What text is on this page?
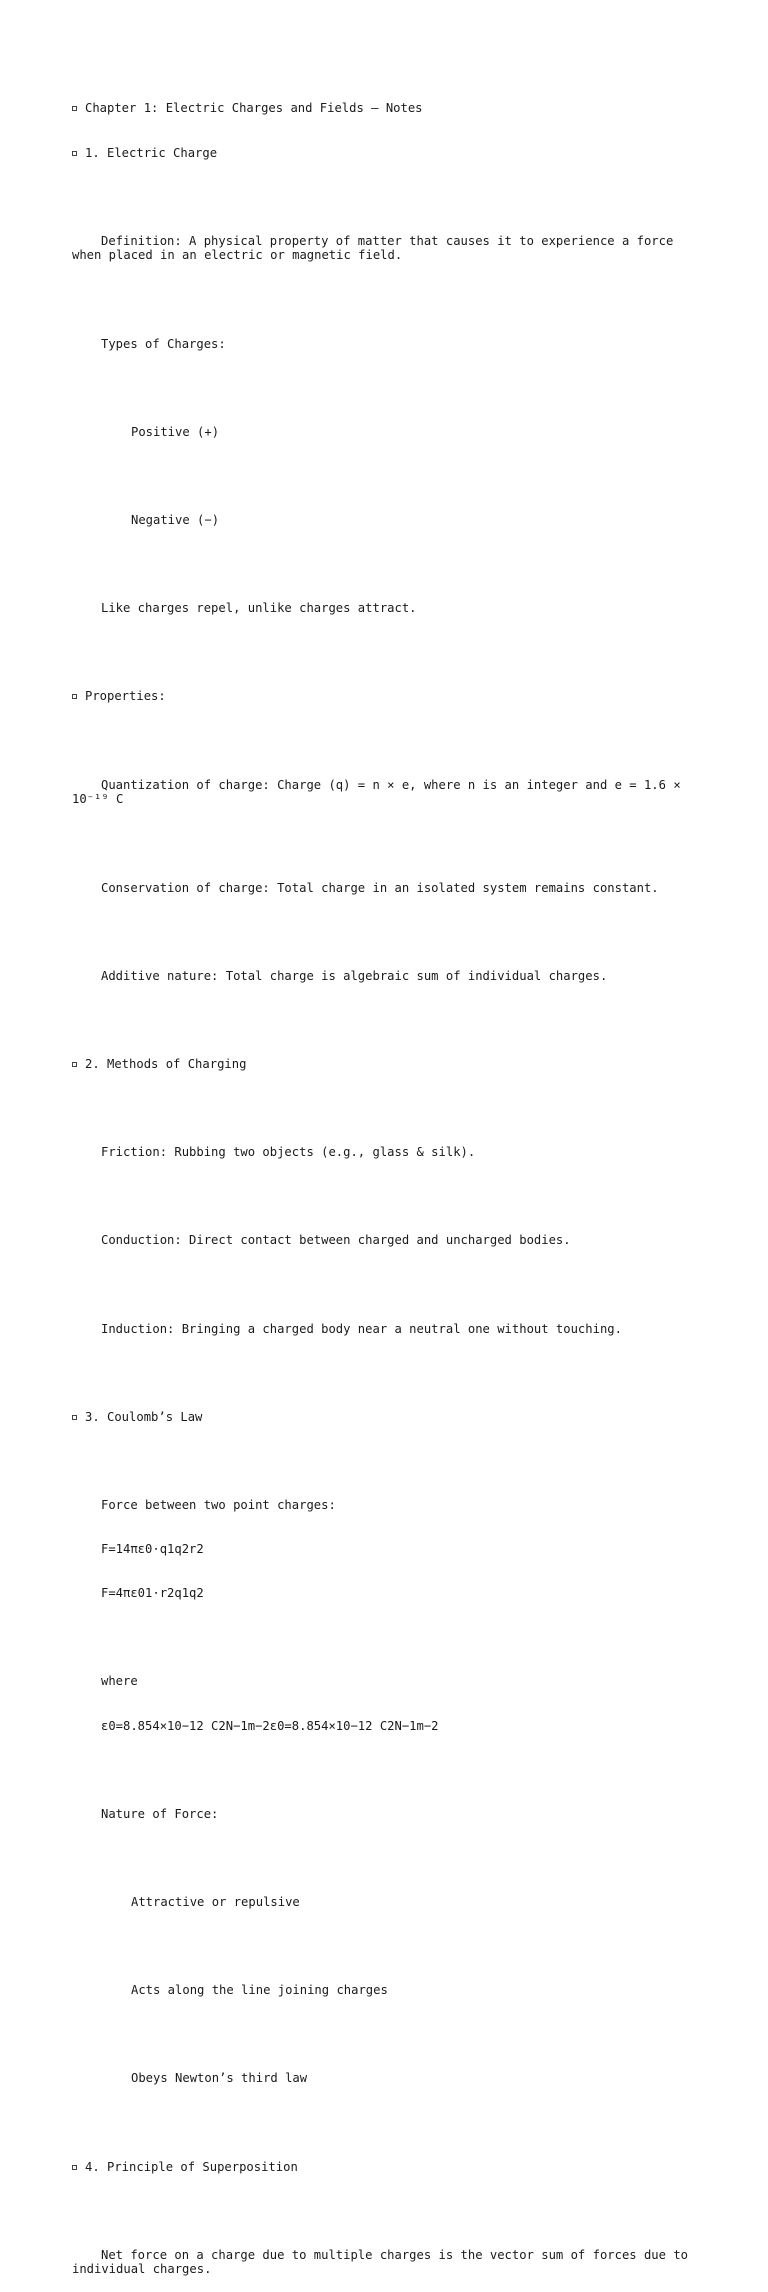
Chapter 1: Electric Charges and Fields – Notes

1. Electric Charge

Definition: A physical property of matter that causes it to experience a force when placed in an electric or magnetic field.

Types of Charges:

Positive (+)

Negative (−)

Like charges repel, unlike charges attract.

Properties:

Quantization of charge: Charge (q) = n × e, where n is an integer and e = 1.6 × 10⁻¹⁹ C

Conservation of charge: Total charge in an isolated system remains constant.

Additive nature: Total charge is algebraic sum of individual charges.

2. Methods of Charging

Friction: Rubbing two objects (e.g., glass & silk).

Conduction: Direct contact between charged and uncharged bodies.

Induction: Bringing a charged body near a neutral one without touching.

3. Coulomb’s Law

Force between two point charges:

F=14πε0⋅q1q2r2

F=4πε01⋅r2q1q2

where

ε0=8.854×10−12 C2N−1m−2ε0=8.854×10−12 C2N−1m−2

Nature of Force:

Attractive or repulsive

Acts along the line joining charges

Obeys Newton’s third law

4. Principle of Superposition

Net force on a charge due to multiple charges is the vector sum of forces due to individual charges.
